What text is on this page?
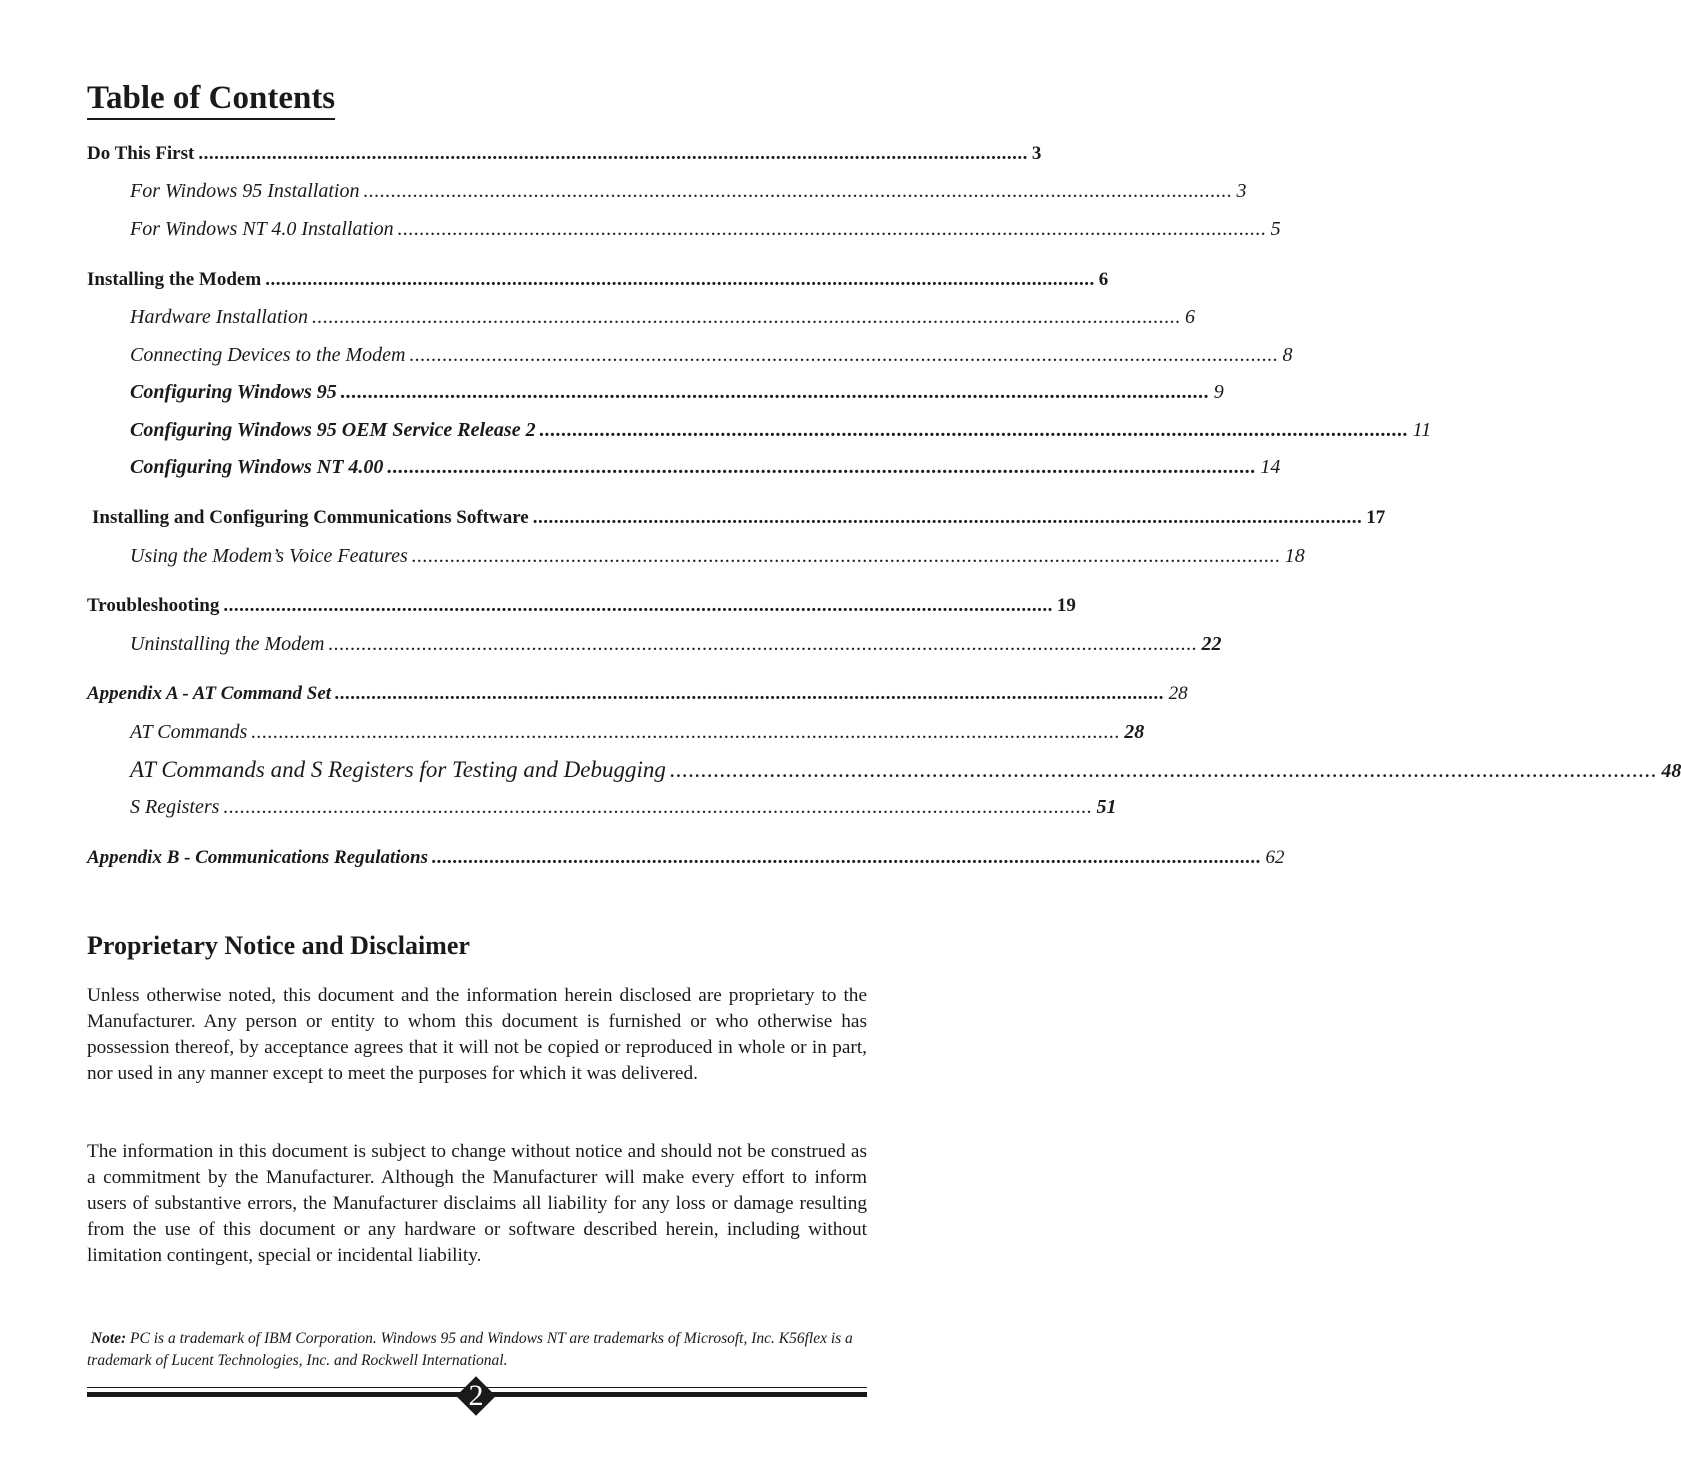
Table of Contents
Do This First .............................................................................................................................................................. 3
For Windows 95 Installation .............................................................................................................................................................. 3
For Windows NT 4.0 Installation .............................................................................................................................................................. 5
Installing the Modem .............................................................................................................................................................. 6
Hardware Installation .............................................................................................................................................................. 6
Connecting Devices to the Modem .............................................................................................................................................................. 8
Configuring Windows 95 .............................................................................................................................................................. 9
Configuring Windows 95 OEM Service Release 2 .............................................................................................................................................................. 11
Configuring Windows NT 4.00 .............................................................................................................................................................. 14
Installing and Configuring Communications Software .............................................................................................................................................................. 17
Using the Modem’s Voice Features .............................................................................................................................................................. 18
Troubleshooting .............................................................................................................................................................. 19
Uninstalling the Modem .............................................................................................................................................................. 22
Appendix A - AT Command Set .............................................................................................................................................................. 28
AT Commands .............................................................................................................................................................. 28
AT Commands and S Registers for Testing and Debugging .............................................................................................................................................................. 48
S Registers .............................................................................................................................................................. 51
Appendix B - Communications Regulations .............................................................................................................................................................. 62
Proprietary Notice and Disclaimer

Unless otherwise noted, this document and the information herein disclosed are proprietary to the Manufacturer. Any person or entity to whom this document is furnished or who otherwise has possession thereof, by acceptance agrees that it will not be copied or reproduced in whole or in part, nor used in any manner except to meet the purposes for which it was delivered.

The information in this document is subject to change without notice and should not be construed as a commitment by the Manufacturer. Although the Manufacturer will make every effort to inform users of substantive errors, the Manufacturer disclaims all liability for any loss or damage resulting from the use of this document or any hardware or software described herein, including without limitation contingent, special or incidental liability.

Note: PC is a trademark of IBM Corporation. Windows 95 and Windows NT are trademarks of Microsoft, Inc. K56flex is a trademark of Lucent Technologies, Inc. and Rockwell International.

2
